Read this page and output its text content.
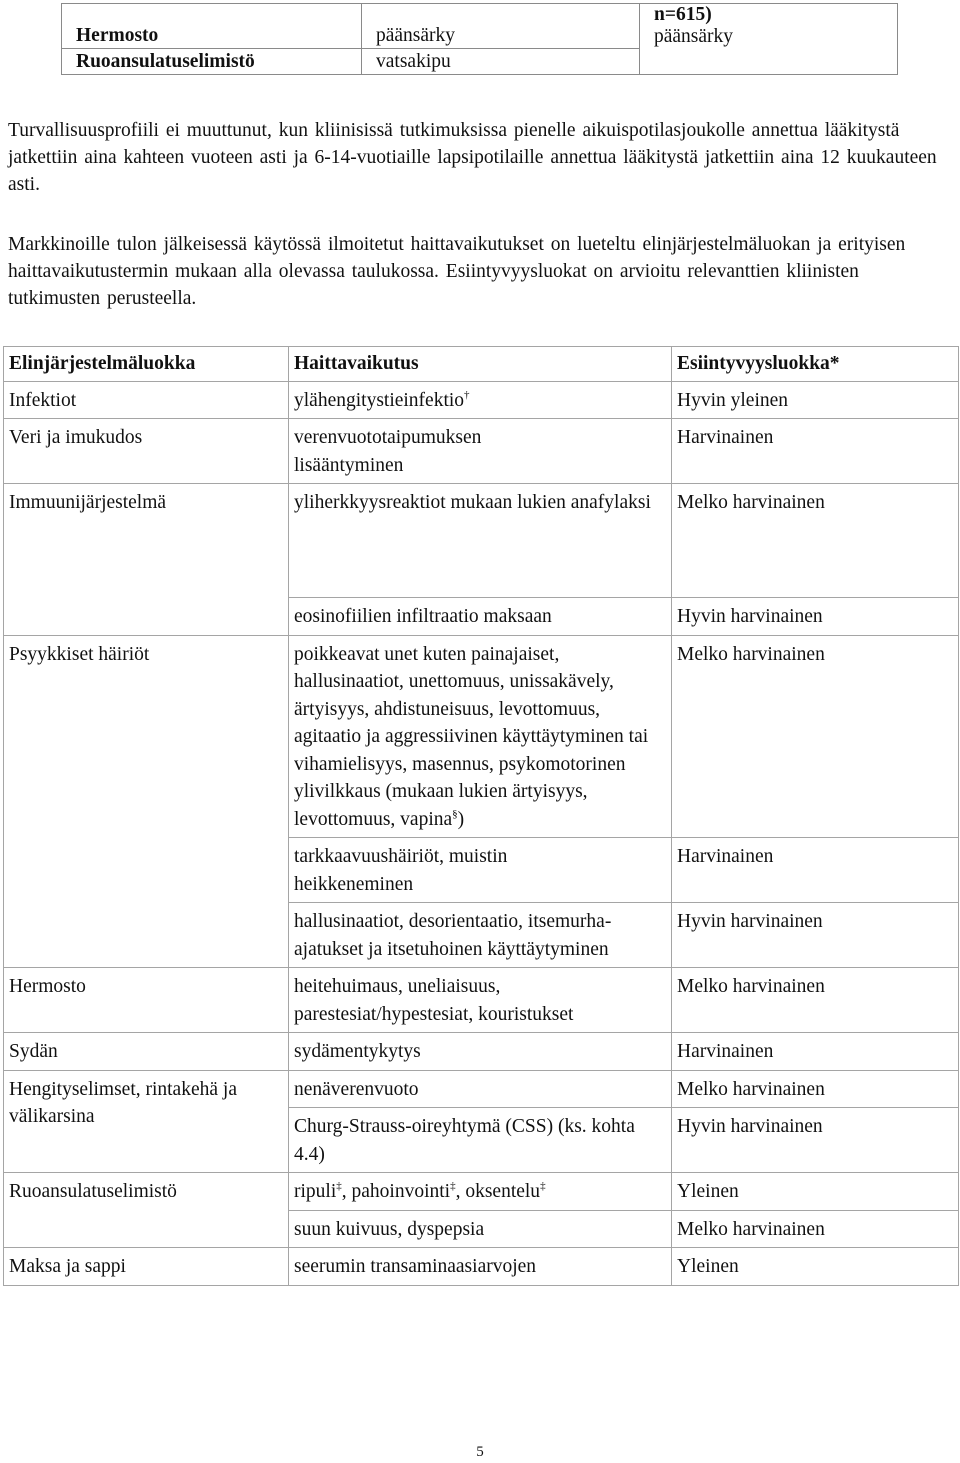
Hermosto	päänsärky	n=615)
päänsärky

Ruoansulatuselimistö	vatsakipu	

Turvallisuusprofiili ei muuttunut, kun kliinisissä tutkimuksissa pienelle aikuispotilasjoukolle annettua lääkitystä jatkettiin aina kahteen vuoteen asti ja 6-14-vuotiaille lapsipotilaille annettua lääkitystä jatkettiin aina 12 kuukauteen asti.

Markkinoille tulon jälkeisessä käytössä ilmoitetut haittavaikutukset on lueteltu elinjärjestelmäluokan ja erityisen haittavaikutustermin mukaan alla olevassa taulukossa. Esiintyvyysluokat on arvioitu relevanttien kliinisten tutkimusten perusteella.

Elinjärjestelmäluokka	Haittavaikutus	Esiintyvyysluokka*
Infektiot	ylähengitystieinfektio†	Hyvin yleinen
Veri ja imukudos	verenvuototaipumuksen lisääntyminen	Harvinainen
Immuunijärjestelmä	yliherkkyysreaktiot mukaan lukien anafylaksi	Melko harvinainen
	eosinofiilien infiltraatio maksaan	Hyvin harvinainen
Psyykkiset häiriöt	poikkeavat unet kuten painajaiset, hallusinaatiot, unettomuus, unissakävely, ärtyisyys, ahdistuneisuus, levottomuus, agitaatio ja aggressiivinen käyttäytyminen tai vihamielisyys, masennus, psykomotorinen ylivilkkaus (mukaan lukien ärtyisyys, levottomuus, vapina§)	Melko harvinainen
	tarkkaavuushäiriöt, muistin heikkeneminen	Harvinainen
	hallusinaatiot, desorientaatio, itsemurha-ajatukset ja itsetuhoinen käyttäytyminen	Hyvin harvinainen
Hermosto	heitehuimaus, uneliaisuus, parestesiat/hypestesiat, kouristukset	Melko harvinainen
Sydän	sydämentykytys	Harvinainen
Hengityselimset, rintakehä ja välikarsina	nenäverenvuoto	Melko harvinainen
	Churg-Strauss-oireyhtymä (CSS) (ks. kohta 4.4)	Hyvin harvinainen
Ruoansulatuselimistö	ripuli‡, pahoinvointi‡, oksentelu‡	Yleinen
	suun kuivuus, dyspepsia	Melko harvinainen
Maksa ja sappi	seerumin transaminaasiarvojen	Yleinen
5
